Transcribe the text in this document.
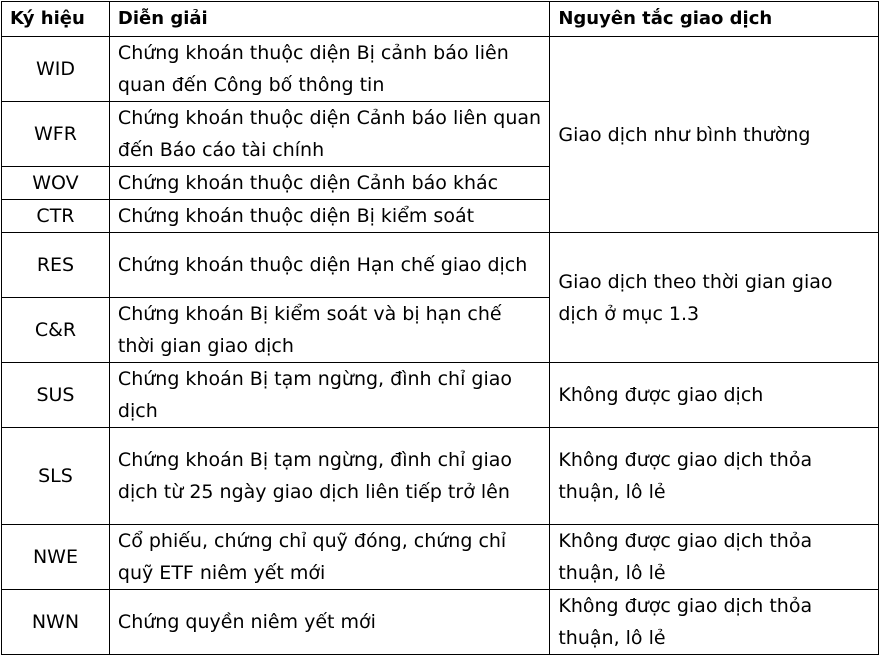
Ký hiệu	Diễn giải	Nguyên tắc giao dịch
WID	Chứng khoán thuộc diện Bị cảnh báo liên quan đến Công bố thông tin	Giao dịch như bình thường
WFR	Chứng khoán thuộc diện Cảnh báo liên quan đến Báo cáo tài chính	
WOV	Chứng khoán thuộc diện Cảnh báo khác	
CTR	Chứng khoán thuộc diện Bị kiểm soát	
RES	Chứng khoán thuộc diện Hạn chế giao dịch	Giao dịch theo thời gian giao dịch ở mục 1.3
C&R	Chứng khoán Bị kiểm soát và bị hạn chế thời gian giao dịch	
SUS	Chứng khoán Bị tạm ngừng, đình chỉ giao dịch	Không được giao dịch
SLS	Chứng khoán Bị tạm ngừng, đình chỉ giao dịch từ 25 ngày giao dịch liên tiếp trở lên	Không được giao dịch thỏa thuận, lô lẻ
NWE	Cổ phiếu, chứng chỉ quỹ đóng, chứng chỉ quỹ ETF niêm yết mới	Không được giao dịch thỏa thuận, lô lẻ
NWN	Chứng quyền niêm yết mới	Không được giao dịch thỏa thuận, lô lẻ
